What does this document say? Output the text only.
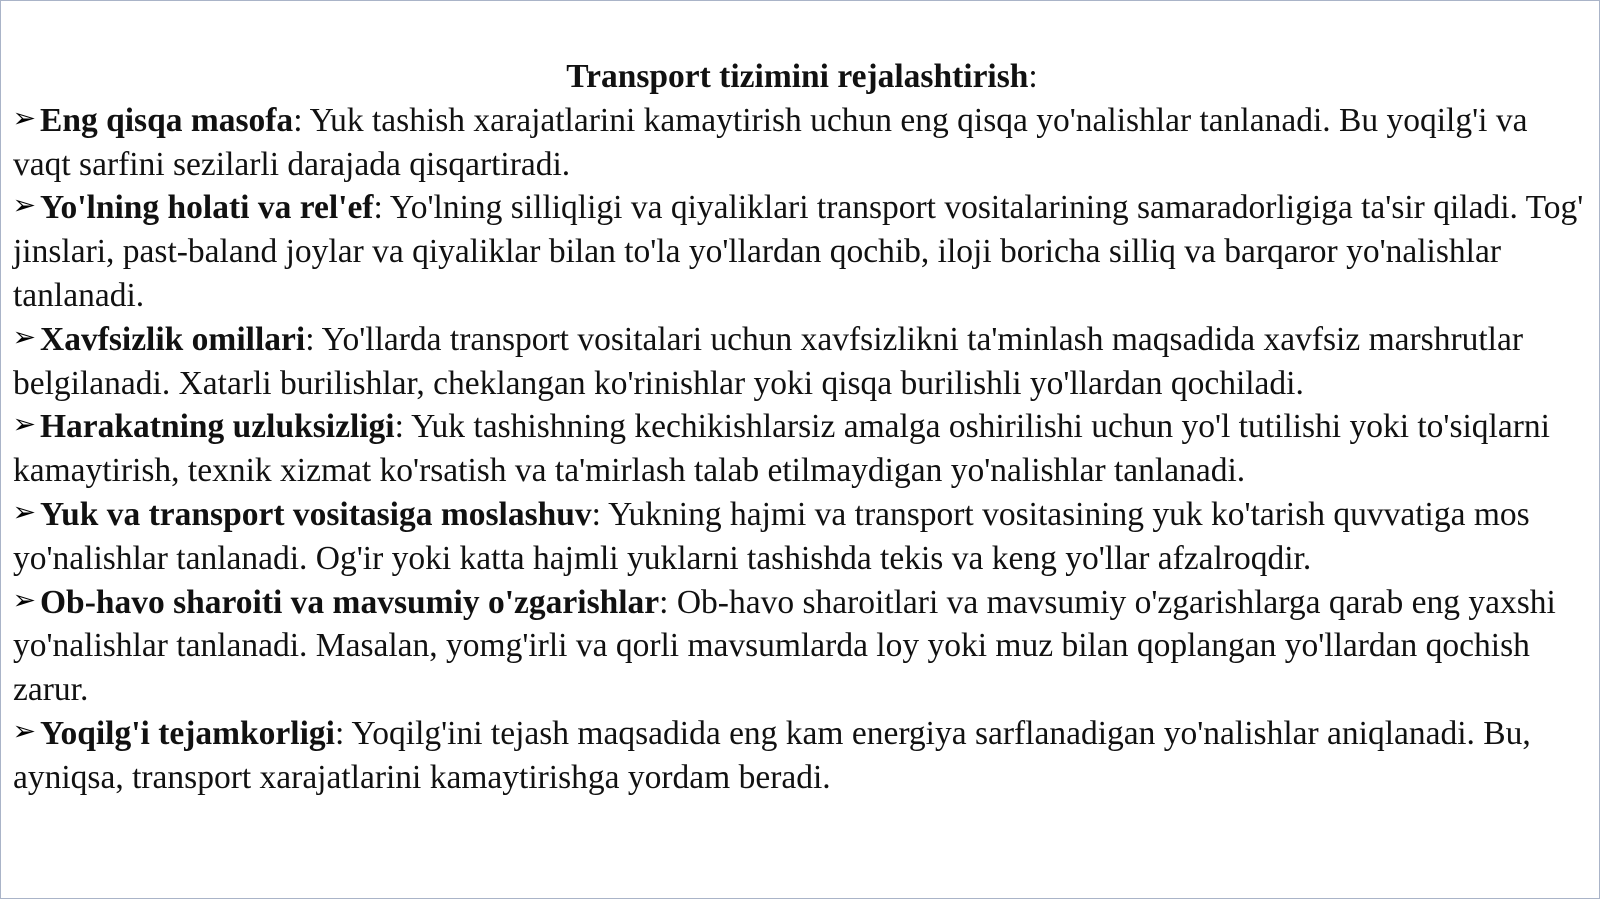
Transport tizimini rejalashtirish:
➢ Eng qisqa masofa: Yuk tashish xarajatlarini kamaytirish uchun eng qisqa yo'nalishlar tanlanadi. Bu yoqilg'i va vaqt sarfini sezilarli darajada qisqartiradi.
➢ Yo'lning holati va rel'ef: Yo'lning silliqligi va qiyaliklari transport vositalarining samaradorligiga ta'sir qiladi. Tog' jinslari, past-baland joylar va qiyaliklar bilan to'la yo'llardan qochib, iloji boricha silliq va barqaror yo'nalishlar tanlanadi.
➢ Xavfsizlik omillari: Yo'llarda transport vositalari uchun xavfsizlikni ta'minlash maqsadida xavfsiz marshrutlar belgilanadi. Xatarli burilishlar, cheklangan ko'rinishlar yoki qisqa burilishli yo'llardan qochiladi.
➢ Harakatning uzluksizligi: Yuk tashishning kechikishlarsiz amalga oshirilishi uchun yo'l tutilishi yoki to'siqlarni kamaytirish, texnik xizmat ko'rsatish va ta'mirlash talab etilmaydigan yo'nalishlar tanlanadi.
➢ Yuk va transport vositasiga moslashuv: Yukning hajmi va transport vositasining yuk ko'tarish quvvatiga mos yo'nalishlar tanlanadi. Og'ir yoki katta hajmli yuklarni tashishda tekis va keng yo'llar afzalroqdir.
➢ Ob-havo sharoiti va mavsumiy o'zgarishlar: Ob-havo sharoitlari va mavsumiy o'zgarishlarga qarab eng yaxshi yo'nalishlar tanlanadi. Masalan, yomg'irli va qorli mavsumlarda loy yoki muz bilan qoplangan yo'llardan qochish zarur.
➢ Yoqilg'i tejamkorligi: Yoqilg'ini tejash maqsadida eng kam energiya sarflanadigan yo'nalishlar aniqlanadi. Bu, ayniqsa, transport xarajatlarini kamaytirishga yordam beradi.
